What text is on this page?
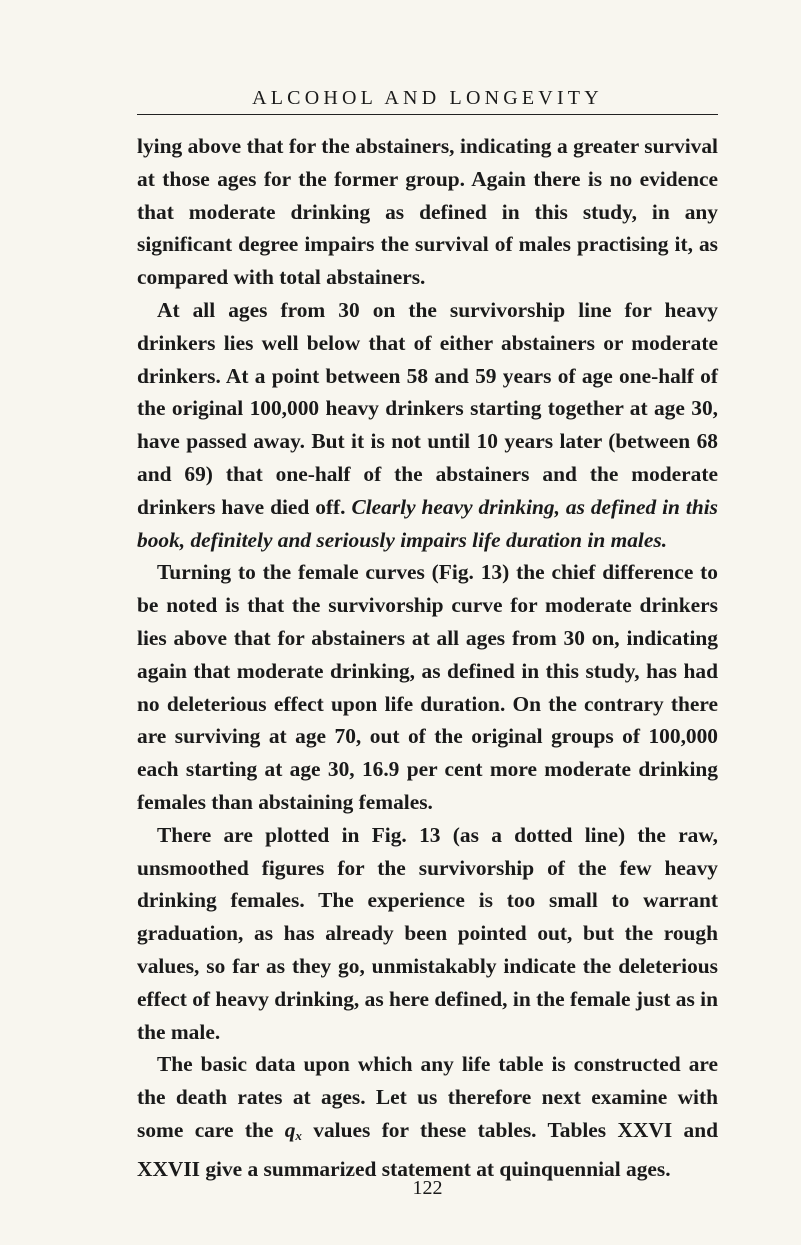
ALCOHOL AND LONGEVITY

lying above that for the abstainers, indicating a greater survival at those ages for the former group. Again there is no evidence that moderate drinking as defined in this study, in any significant degree impairs the survival of males practising it, as compared with total abstainers.

At all ages from 30 on the survivorship line for heavy drinkers lies well below that of either abstainers or moderate drinkers. At a point between 58 and 59 years of age one-half of the original 100,000 heavy drinkers starting together at age 30, have passed away. But it is not until 10 years later (between 68 and 69) that one-half of the abstainers and the moderate drinkers have died off. Clearly heavy drinking, as defined in this book, definitely and seriously impairs life duration in males.

Turning to the female curves (Fig. 13) the chief difference to be noted is that the survivorship curve for moderate drinkers lies above that for abstainers at all ages from 30 on, indicating again that moderate drinking, as defined in this study, has had no deleterious effect upon life duration. On the contrary there are surviving at age 70, out of the original groups of 100,000 each starting at age 30, 16.9 per cent more moderate drinking females than abstaining females.

There are plotted in Fig. 13 (as a dotted line) the raw, unsmoothed figures for the survivorship of the few heavy drinking females. The experience is too small to warrant graduation, as has already been pointed out, but the rough values, so far as they go, unmistakably indicate the deleterious effect of heavy drinking, as here defined, in the female just as in the male.

The basic data upon which any life table is constructed are the death rates at ages. Let us therefore next examine with some care the qx values for these tables. Tables XXVI and XXVII give a summarized statement at quinquennial ages.

122
